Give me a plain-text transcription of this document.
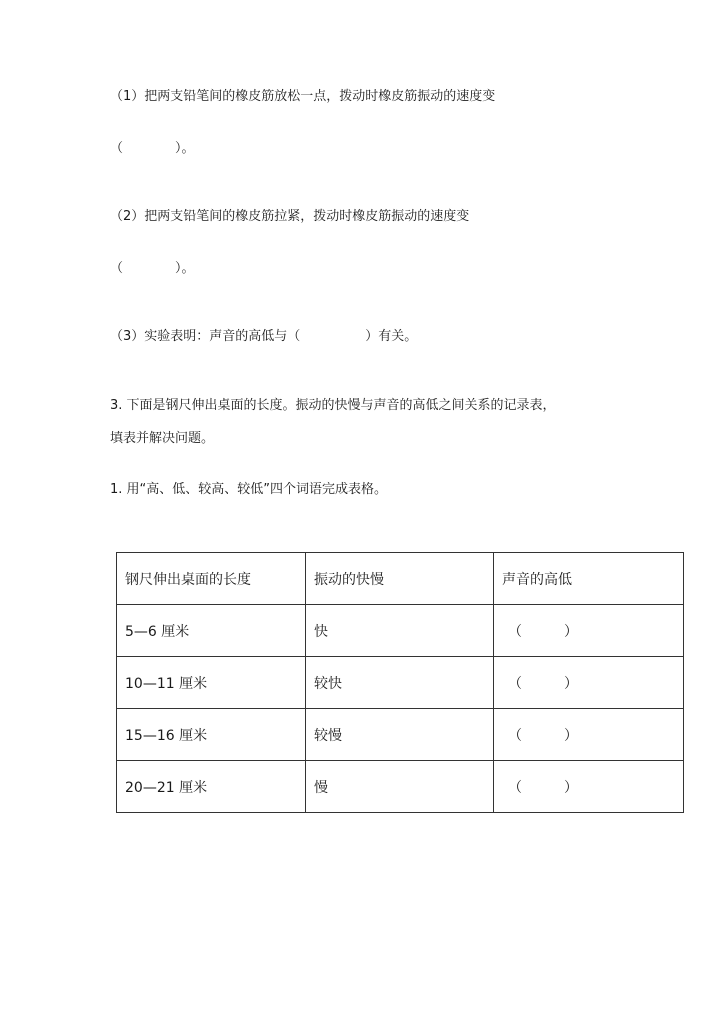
（1）把两支铅笔间的橡皮筋放松一点，拨动时橡皮筋振动的速度变
（　　　　）。
（2）把两支铅笔间的橡皮筋拉紧，拨动时橡皮筋振动的速度变
（　　　　）。
（3）实验表明：声音的高低与（　　　　　）有关。
3. 下面是钢尺伸出桌面的长度。振动的快慢与声音的高低之间关系的记录表，
填表并解决问题。
1. 用“高、低、较高、较低”四个词语完成表格。
钢尺伸出桌面的长度	振动的快慢	声音的高低
5—6 厘米	快	（　　　）
10—11 厘米	较快	（　　　）
15—16 厘米	较慢	（　　　）
20—21 厘米	慢	（　　　）
